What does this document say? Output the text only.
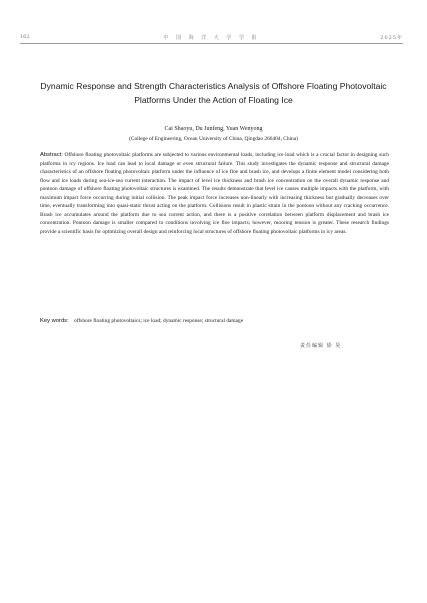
162	中 国 海 洋 大 学 学 报	2025年
Dynamic Response and Strength Characteristics Analysis of Offshore Floating Photovoltaic Platforms Under the Action of Floating Ice
Cai Shaoyu, Du Junfeng, Yuan Wenyong
(College of Engineering, Ocean University of China, Qingdao 266404, China)
Abstract: Offshore floating photovoltaic platforms are subjected to various environmental loads, including ice load which is a crucial factor in designing such platforms in icy regions. Ice load can lead to local damage or even structural failure. This study investigates the dynamic response and structural damage characteristics of an offshore floating photovoltaic platform under the influence of ice floe and brash ice, and develops a finite element model considering both flow and ice loads during sea-ice-sea current interaction. The impact of level ice thickness and brash ice concentration on the overall dynamic response and pontoon damage of offshore floating photovoltaic structures is examined. The results demonstrate that level ice causes multiple impacts with the platform, with maximum impact force occurring during initial collision. The peak impact force increases non-linearly with increasing thickness but gradually decreases over time, eventually transforming into quasi-static thrust acting on the platform. Collisions result in plastic strain in the pontoon without any cracking occurrence. Brash ice accumulates around the platform due to sea current action, and there is a positive correlation between platform displacement and brash ice concentration. Pontoon damage is smaller compared to conditions involving ice floe impacts; however, mooring tension is greater. These research findings provide a scientific basis for optimizing overall design and reinforcing local structures of offshore floating photovoltaic platforms in icy areas.
Key words: offshore floating photovoltaics; ice load; dynamic response; structural damage
责任编辑 徐 昊
